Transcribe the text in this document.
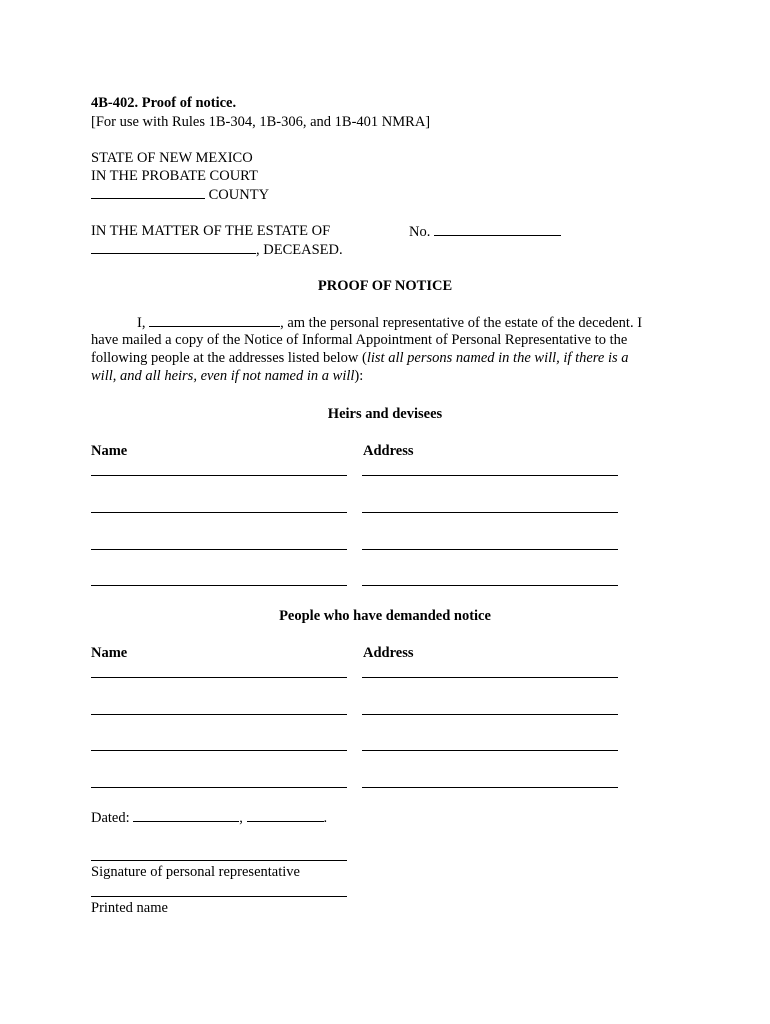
4B-402. Proof of notice.
[For use with Rules 1B-304, 1B-306, and 1B-401 NMRA]
STATE OF NEW MEXICO
IN THE PROBATE COURT
COUNTY
IN THE MATTER OF THE ESTATE OF	No.
, DECEASED.
PROOF OF NOTICE
I,	, am the personal representative of the estate of the decedent. I
have mailed a copy of the Notice of Informal Appointment of Personal Representative to the
following people at the addresses listed below (list all persons named in the will, if there is a
will, and all heirs, even if not named in a will):
Heirs and devisees
Name	Address
People who have demanded notice
Name	Address
Dated:	,	.
Signature of personal representative
Printed name
